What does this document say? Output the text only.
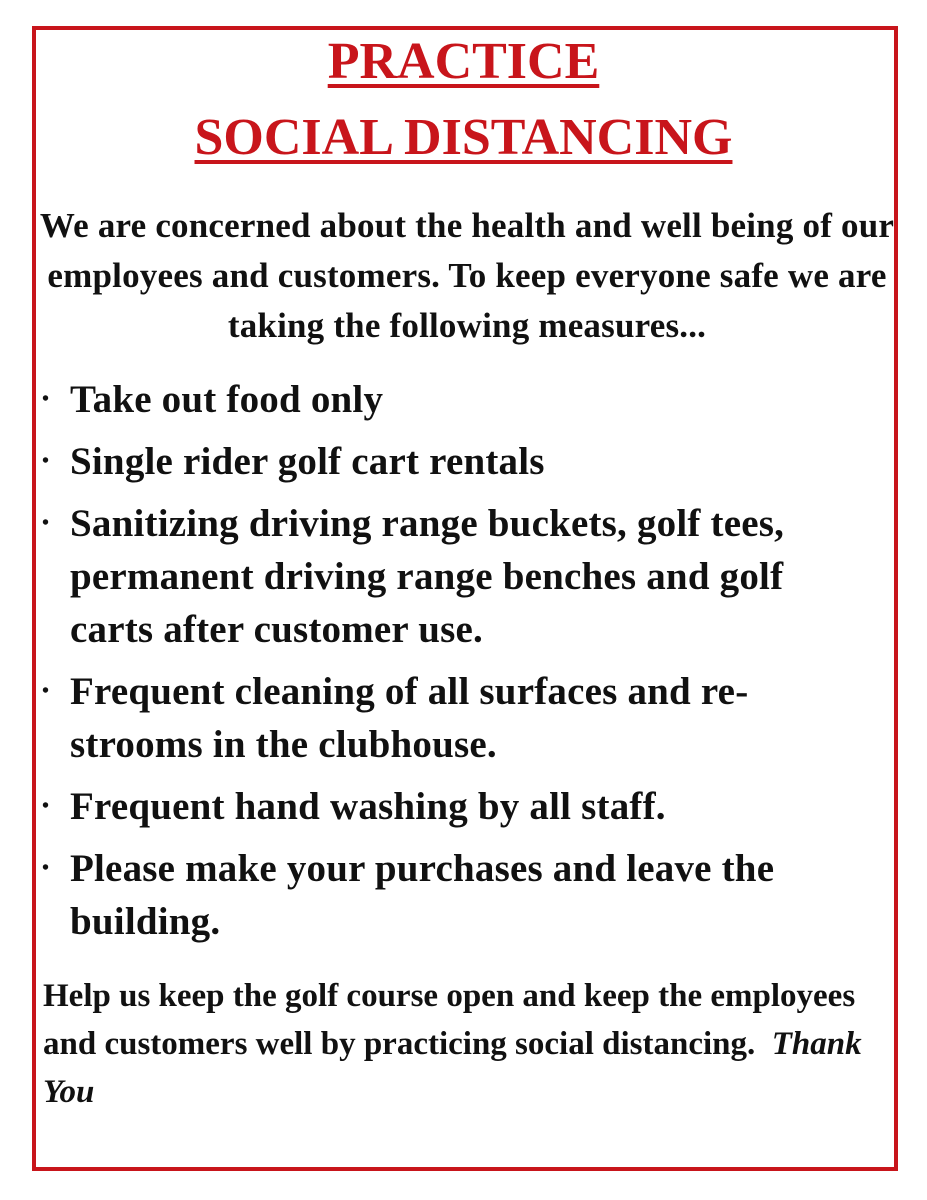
PRACTICE
SOCIAL DISTANCING

We are concerned about the health and well being of our employees and customers. To keep everyone safe we are taking the following measures...

• Take out food only
• Single rider golf cart rentals
• Sanitizing driving range buckets, golf tees, permanent driving range benches and golf carts after customer use.
• Frequent cleaning of all surfaces and re-strooms in the clubhouse.
• Frequent hand washing by all staff.
• Please make your purchases and leave the building.

Help us keep the golf course open and keep the employees and customers well by practicing social distancing. Thank You
